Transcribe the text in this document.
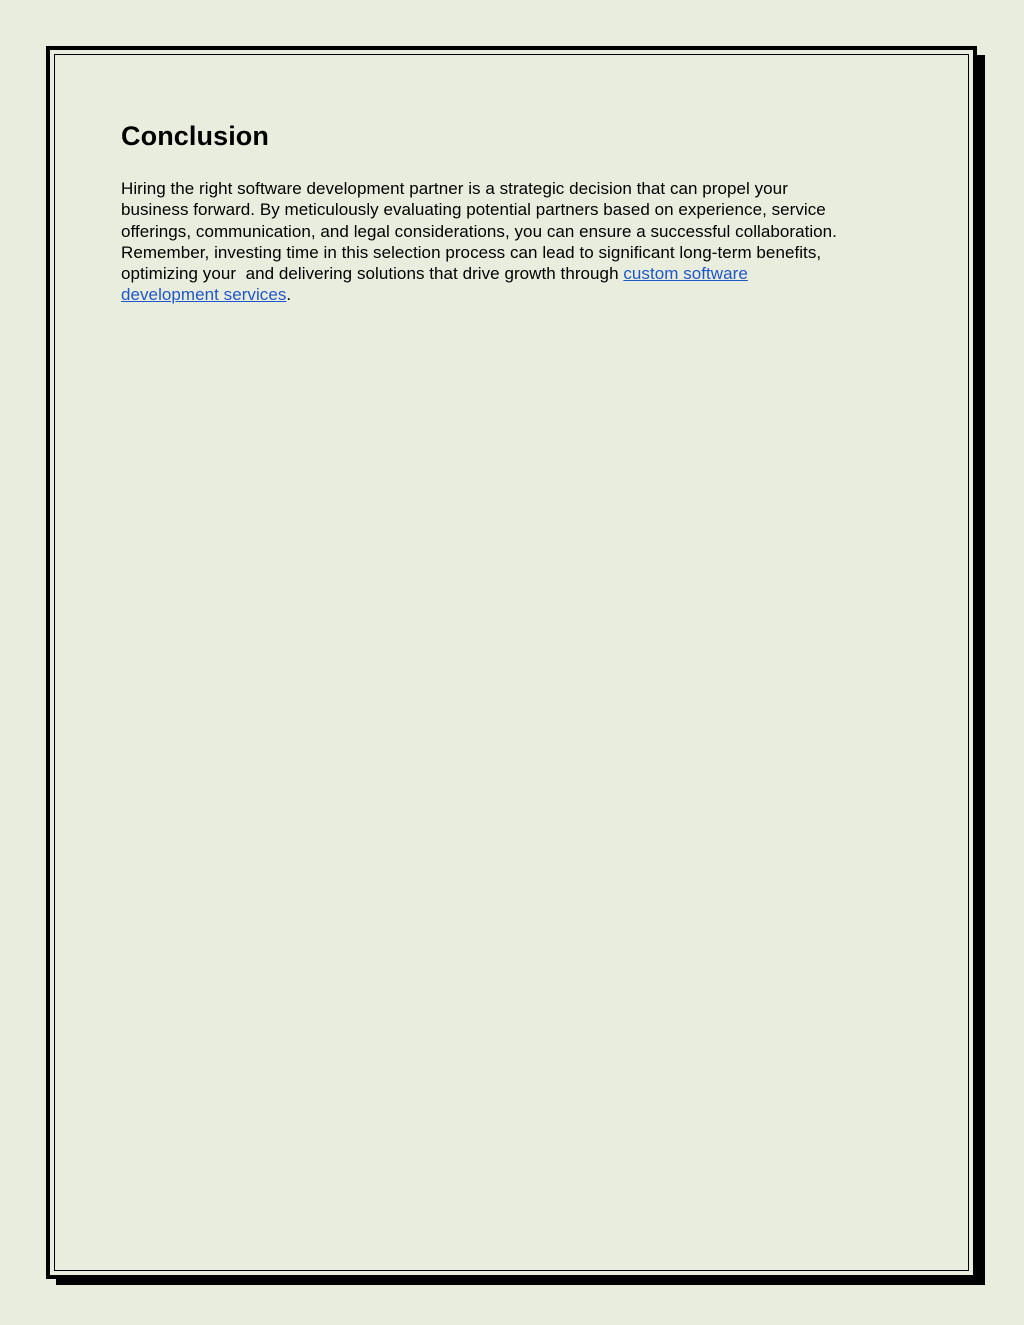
Conclusion

Hiring the right software development partner is a strategic decision that can propel your
business forward. By meticulously evaluating potential partners based on experience, service
offerings, communication, and legal considerations, you can ensure a successful collaboration.
Remember, investing time in this selection process can lead to significant long-term benefits,
optimizing your  and delivering solutions that drive growth through custom software
development services.
